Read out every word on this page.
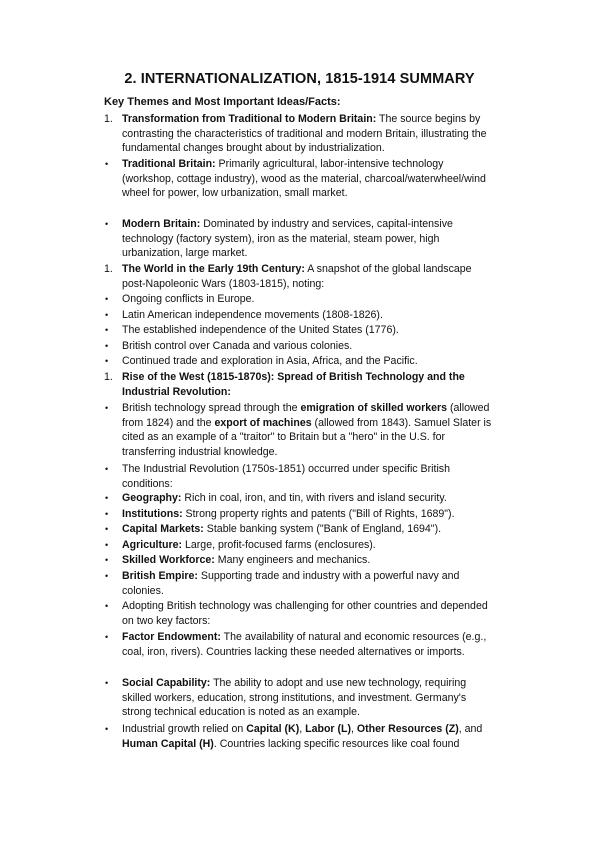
2. INTERNATIONALIZATION, 1815-1914 SUMMARY
Key Themes and Most Important Ideas/Facts:
1. Transformation from Traditional to Modern Britain: The source begins by contrasting the characteristics of traditional and modern Britain, illustrating the fundamental changes brought about by industrialization.
•	Traditional Britain: Primarily agricultural, labor-intensive technology (workshop, cottage industry), wood as the material, charcoal/waterwheel/wind wheel for power, low urbanization, small market.
•	Modern Britain: Dominated by industry and services, capital-intensive technology (factory system), iron as the material, steam power, high urbanization, large market.
1. The World in the Early 19th Century: A snapshot of the global landscape post-Napoleonic Wars (1803-1815), noting:
•	Ongoing conflicts in Europe.
•	Latin American independence movements (1808-1826).
•	The established independence of the United States (1776).
•	British control over Canada and various colonies.
•	Continued trade and exploration in Asia, Africa, and the Pacific.
1. Rise of the West (1815-1870s): Spread of British Technology and the Industrial Revolution:
•	British technology spread through the emigration of skilled workers (allowed from 1824) and the export of machines (allowed from 1843). Samuel Slater is cited as an example of a "traitor" to Britain but a "hero" in the U.S. for transferring industrial knowledge.
•	The Industrial Revolution (1750s-1851) occurred under specific British conditions:
•	Geography: Rich in coal, iron, and tin, with rivers and island security.
•	Institutions: Strong property rights and patents ("Bill of Rights, 1689").
•	Capital Markets: Stable banking system ("Bank of England, 1694").
•	Agriculture: Large, profit-focused farms (enclosures).
•	Skilled Workforce: Many engineers and mechanics.
•	British Empire: Supporting trade and industry with a powerful navy and colonies.
•	Adopting British technology was challenging for other countries and depended on two key factors:
•	Factor Endowment: The availability of natural and economic resources (e.g., coal, iron, rivers). Countries lacking these needed alternatives or imports.
•	Social Capability: The ability to adopt and use new technology, requiring skilled workers, education, strong institutions, and investment. Germany's strong technical education is noted as an example.
•	Industrial growth relied on Capital (K), Labor (L), Other Resources (Z), and Human Capital (H). Countries lacking specific resources like coal found
